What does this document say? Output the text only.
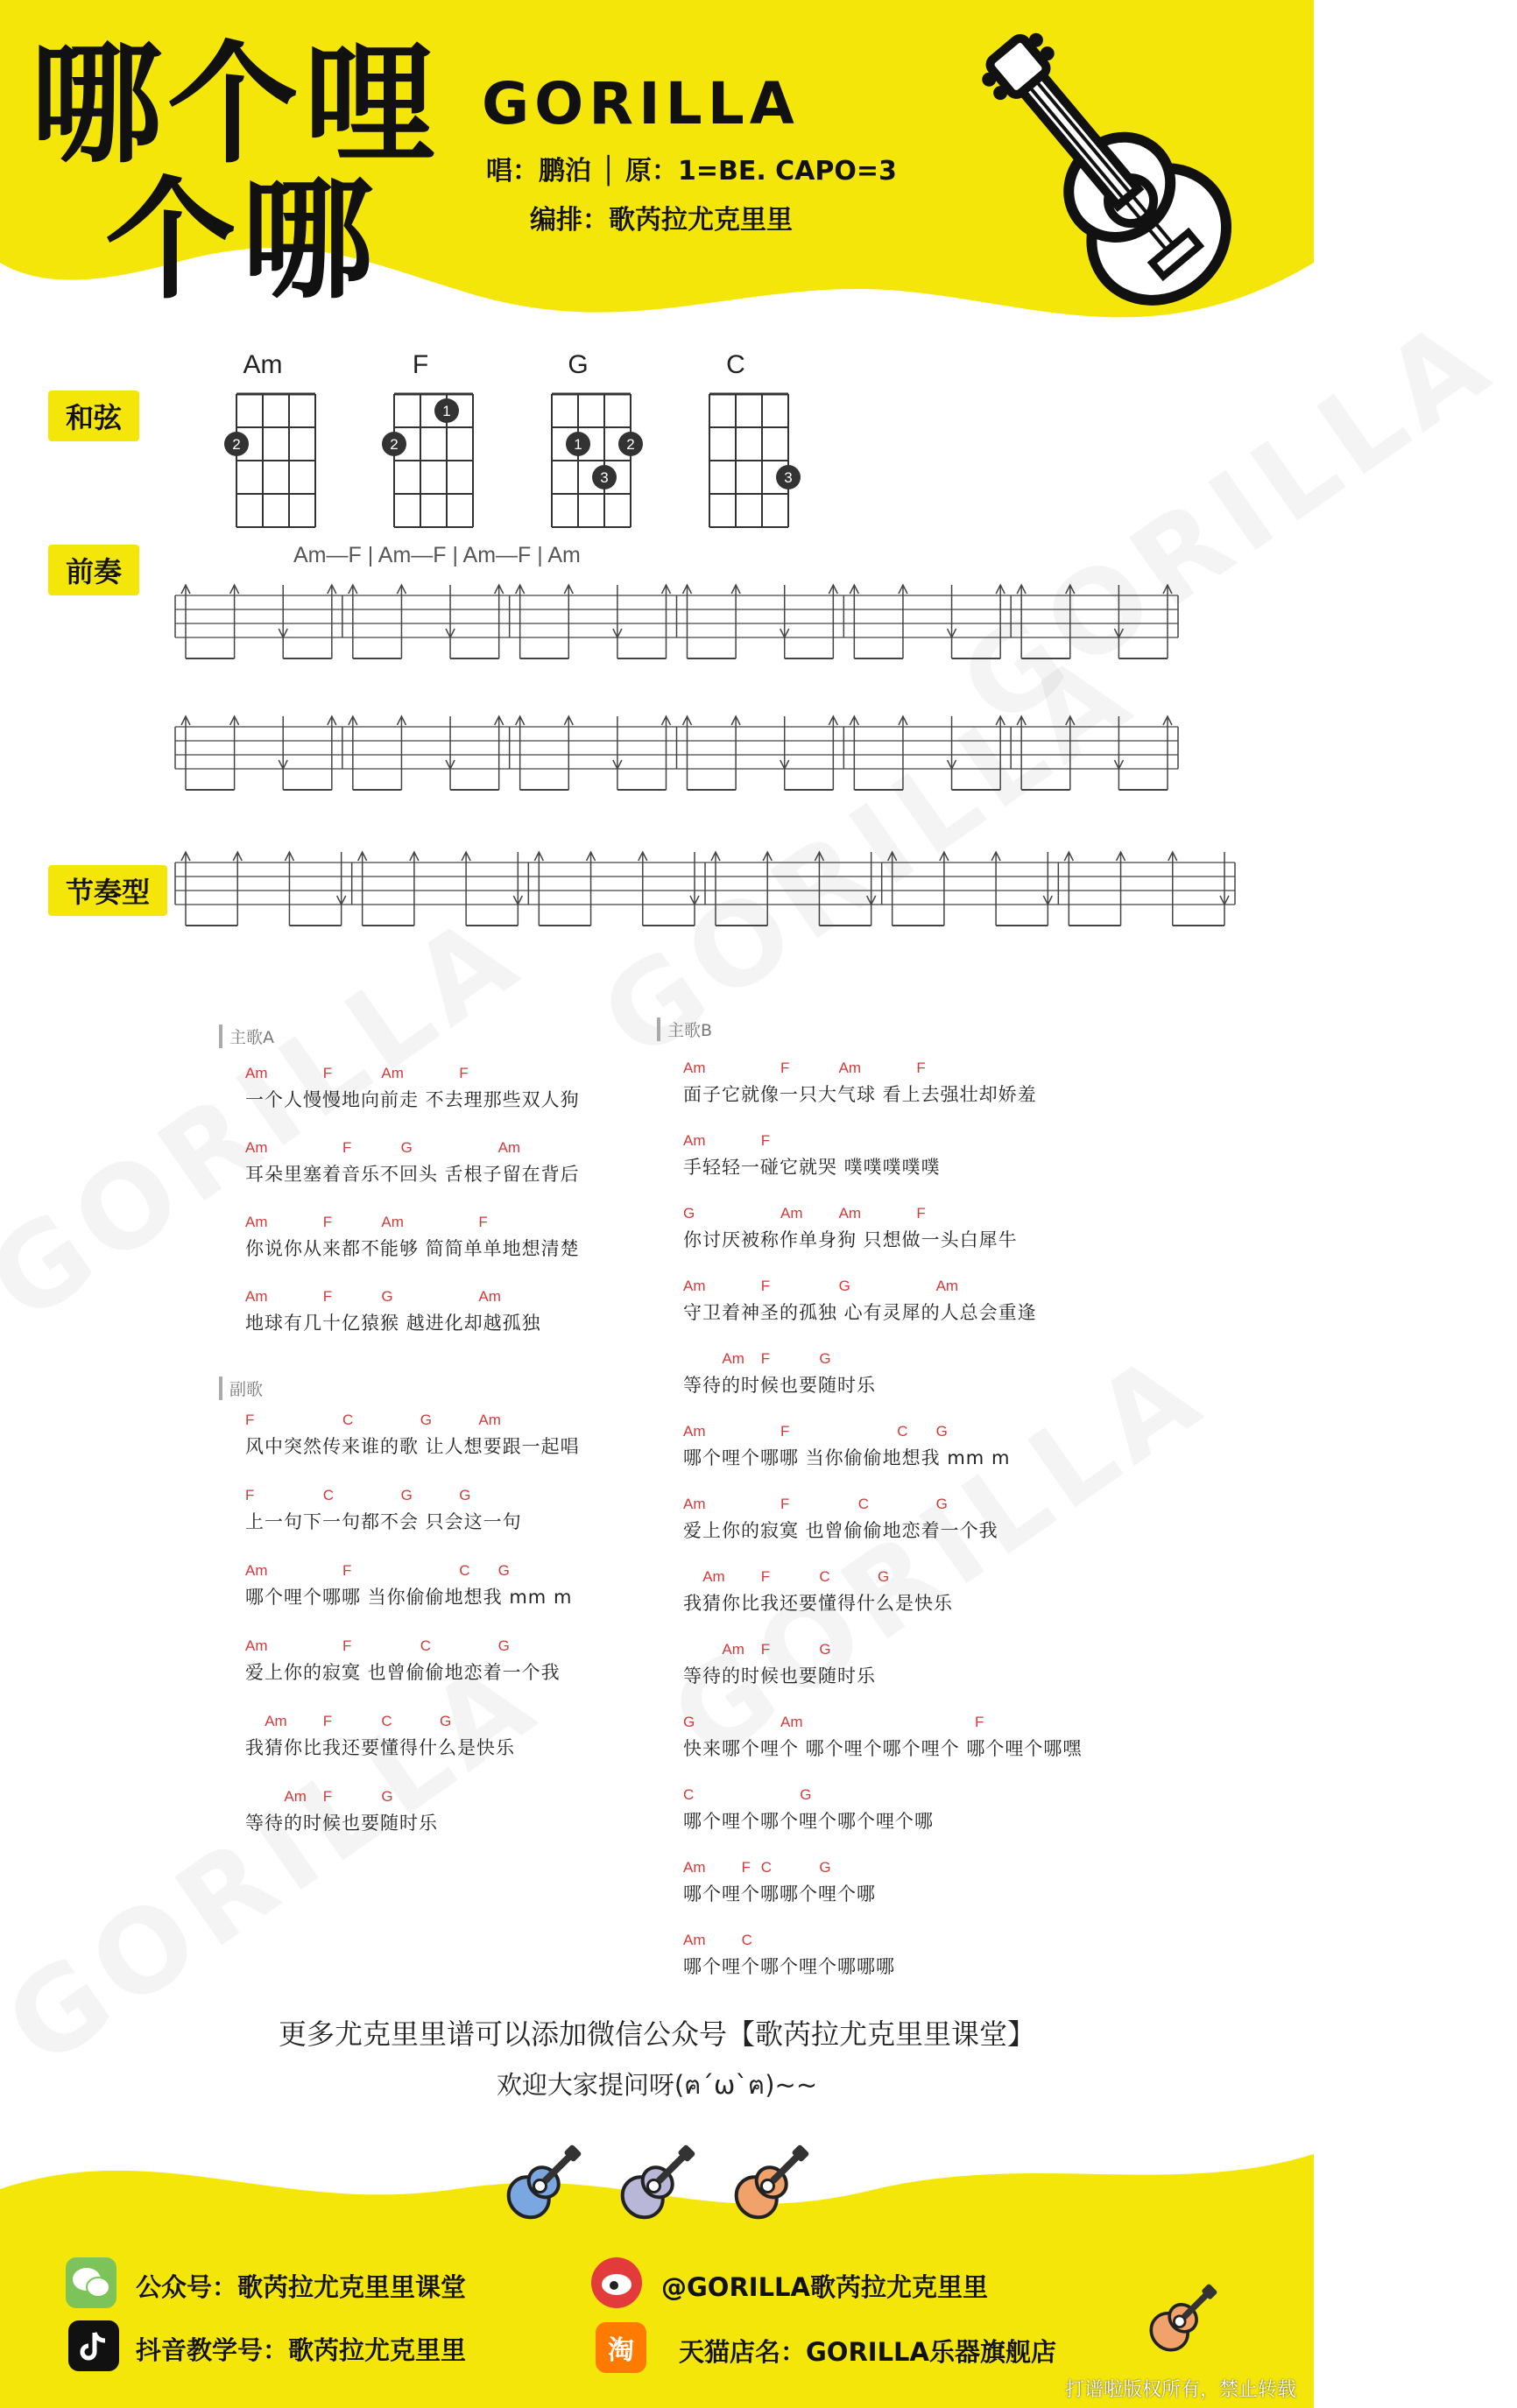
哪个哩
个哪
GORILLA
唱：鹏泊 │ 原：1=BE. CAPO=3
编排：歌芮拉尤克里里
和弦
前奏
节奏型
Am
2
F
1
2
G
1	2
3
C
3
Am—F | Am—F | Am—F | Am
主歌A
Am	F	Am	F
一个人慢慢地向前走 不去理那些双人狗
Am	F	G	Am
耳朵里塞着音乐不回头 舌根子留在背后
Am	F	Am	F
你说你从来都不能够 简简单单地想清楚
Am	F	G	Am
地球有几十亿猿猴 越进化却越孤独
副歌
F	C	G	Am
风中突然传来谁的歌 让人想要跟一起唱
F	C	G	G
上一句下一句都不会 只会这一句
Am	F	C G
哪个哩个哪哪 当你偷偷地想我 mm m
Am	F	C	G
爱上你的寂寞 也曾偷偷地恋着一个我
Am F	C	G
我猜你比我还要懂得什么是快乐
Am F	G
等待的时候也要随时乐
主歌B
Am	F	Am	F
面子它就像一只大气球 看上去强壮却娇羞
Am	F
手轻轻一碰它就哭 噗噗噗噗噗
G	Am Am	F
你讨厌被称作单身狗 只想做一头白犀牛
Am	F	G	Am
守卫着神圣的孤独 心有灵犀的人总会重逢
Am F	G
等待的时候也要随时乐
Am	F	C G
哪个哩个哪哪 当你偷偷地想我 mm m
Am	F	C	G
爱上你的寂寞 也曾偷偷地恋着一个我
Am F	C	G
我猜你比我还要懂得什么是快乐
Am F	G
等待的时候也要随时乐
G	Am	F
快来哪个哩个 哪个哩个哪个哩个 哪个哩个哪嘿
C	G
哪个哩个哪个哩个哪个哩个哪
Am F C	G
哪个哩个哪哪个哩个哪
Am C
哪个哩个哪个哩个哪哪哪
更多尤克里里谱可以添加微信公众号【歌芮拉尤克里里课堂】
欢迎大家提问呀(ฅ´ω`ฅ)~~
公众号：歌芮拉尤克里里课堂	@GORILLA歌芮拉尤克里里
抖音教学号：歌芮拉尤克里里	淘	天猫店名：GORILLA乐器旗舰店
打谱啦版权所有，禁止转载
